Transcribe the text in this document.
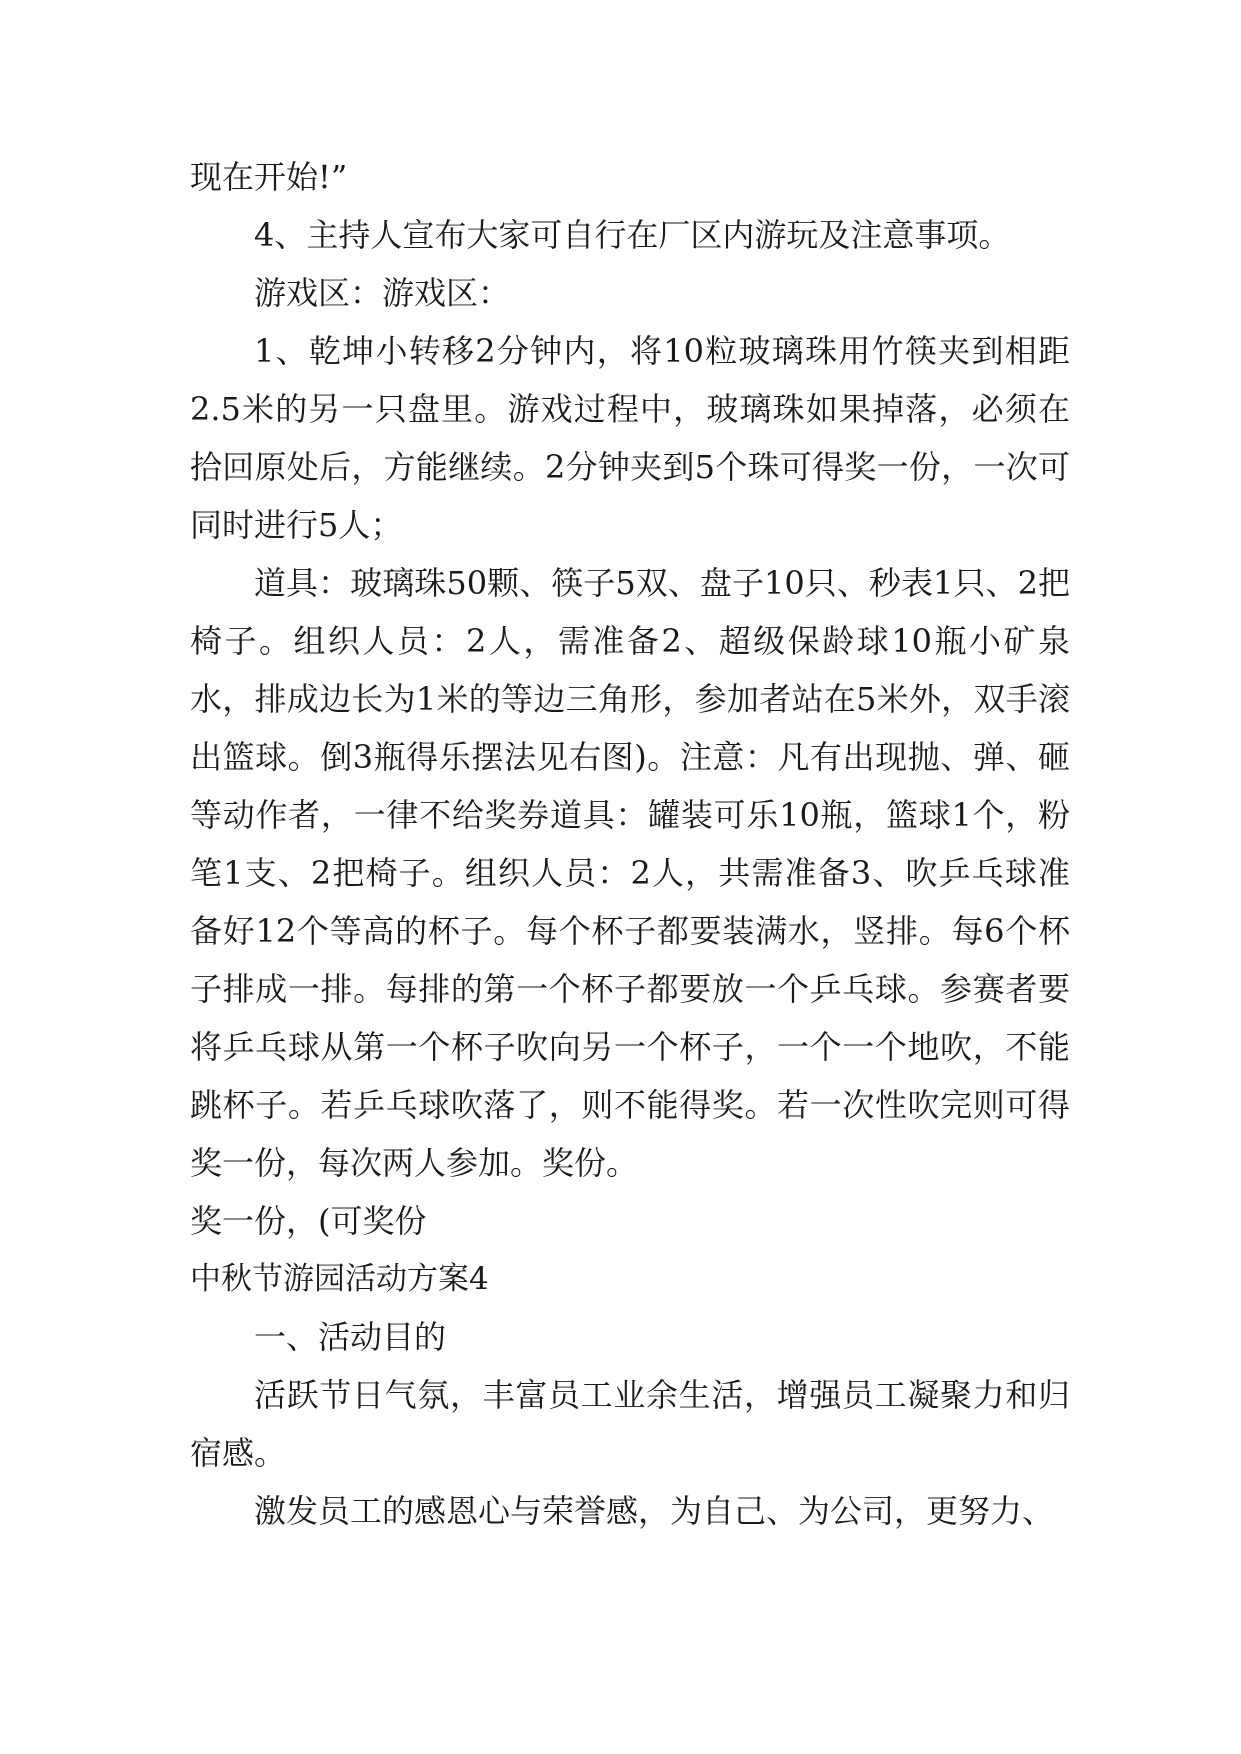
现在开始!”

4、主持人宣布大家可自行在厂区内游玩及注意事项。

游戏区：游戏区：

1、乾坤小转移2分钟内，将10粒玻璃珠用竹筷夹到相距2.5米的另一只盘里。游戏过程中，玻璃珠如果掉落，必须在拾回原处后，方能继续。2分钟夹到5个珠可得奖一份，一次可同时进行5人；

道具：玻璃珠50颗、筷子5双、盘子10只、秒表1只、2把椅子。组织人员：2人，需准备2、超级保龄球10瓶小矿泉水，排成边长为1米的等边三角形，参加者站在5米外，双手滚出篮球。倒3瓶得乐摆法见右图)。注意：凡有出现抛、弹、砸等动作者，一律不给奖券道具：罐装可乐10瓶，篮球1个，粉笔1支、2把椅子。组织人员：2人，共需准备3、吹乒乓球准备好12个等高的杯子。每个杯子都要装满水，竖排。每6个杯子排成一排。每排的第一个杯子都要放一个乒乓球。参赛者要将乒乓球从第一个杯子吹向另一个杯子，一个一个地吹，不能跳杯子。若乒乓球吹落了，则不能得奖。若一次性吹完则可得奖一份，每次两人参加。奖份。

奖一份，(可奖份

中秋节游园活动方案4

一、活动目的

活跃节日气氛，丰富员工业余生活，增强员工凝聚力和归宿感。

激发员工的感恩心与荣誉感，为自己、为公司，更努力、
